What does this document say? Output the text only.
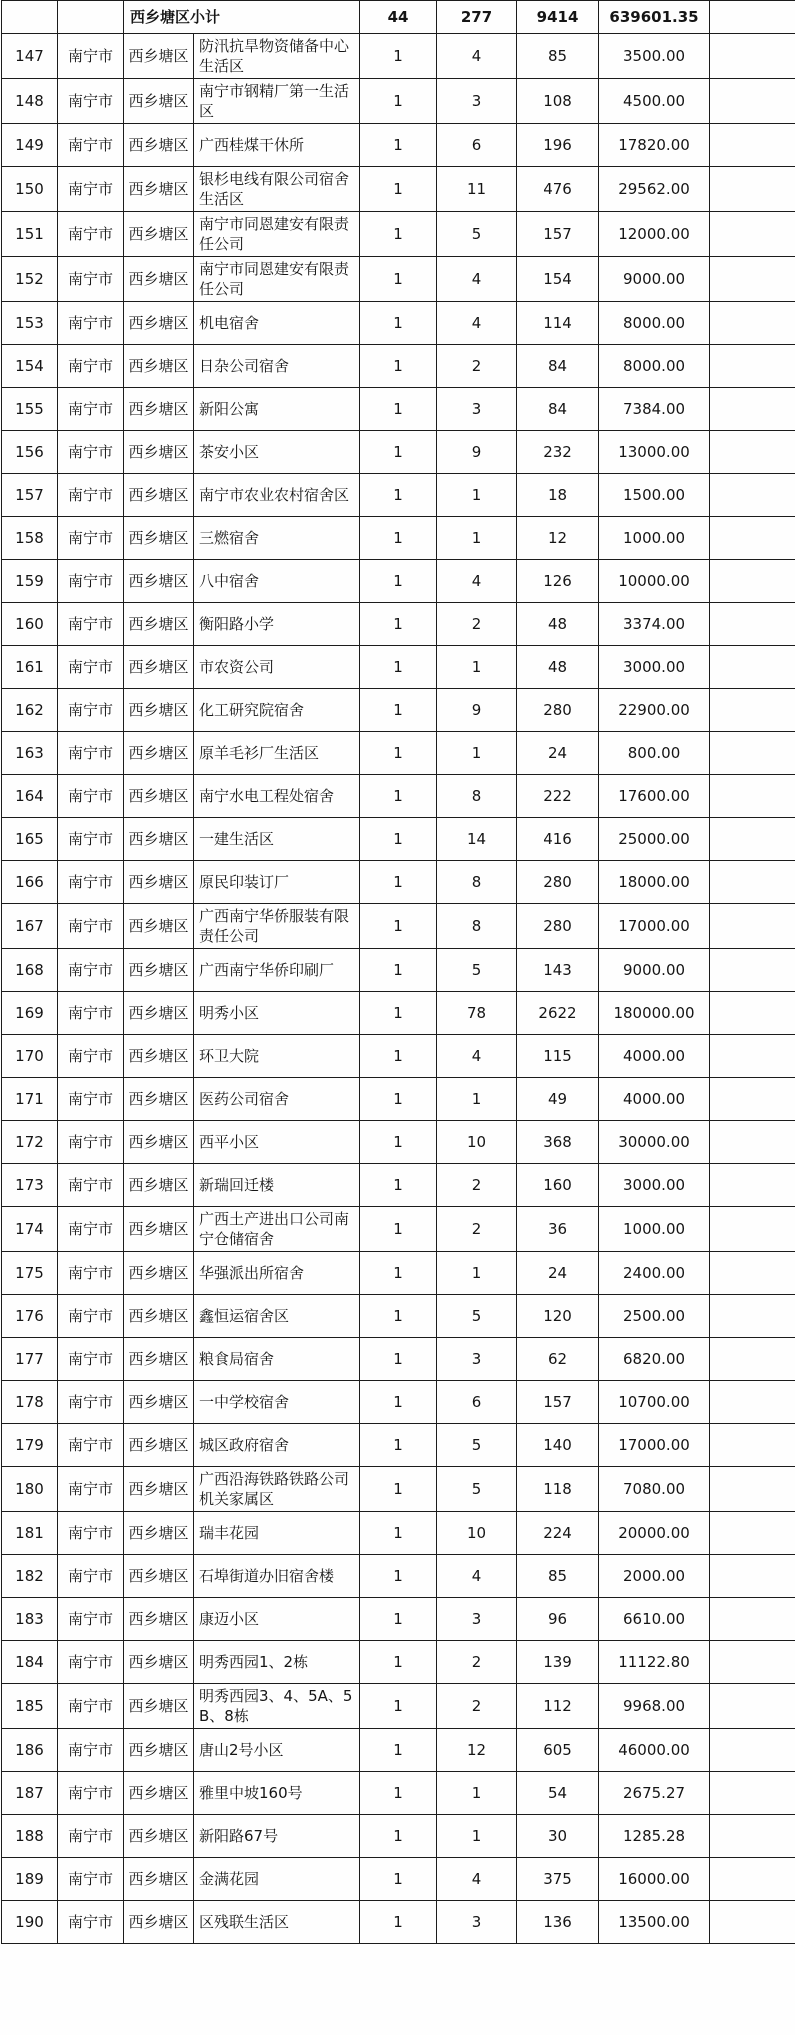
		西乡塘区小计		44	277	9414	639601.35	
147	南宁市	西乡塘区	防汛抗旱物资储备中心生活区	1	4	85	3500.00	
148	南宁市	西乡塘区	南宁市钢精厂第一生活区	1	3	108	4500.00	
149	南宁市	西乡塘区	广西桂煤干休所	1	6	196	17820.00	
150	南宁市	西乡塘区	银杉电线有限公司宿舍生活区	1	11	476	29562.00	
151	南宁市	西乡塘区	南宁市同恩建安有限责任公司	1	5	157	12000.00	
152	南宁市	西乡塘区	南宁市同恩建安有限责任公司	1	4	154	9000.00	
153	南宁市	西乡塘区	机电宿舍	1	4	114	8000.00	
154	南宁市	西乡塘区	日杂公司宿舍	1	2	84	8000.00	
155	南宁市	西乡塘区	新阳公寓	1	3	84	7384.00	
156	南宁市	西乡塘区	茶安小区	1	9	232	13000.00	
157	南宁市	西乡塘区	南宁市农业农村宿舍区	1	1	18	1500.00	
158	南宁市	西乡塘区	三燃宿舍	1	1	12	1000.00	
159	南宁市	西乡塘区	八中宿舍	1	4	126	10000.00	
160	南宁市	西乡塘区	衡阳路小学	1	2	48	3374.00	
161	南宁市	西乡塘区	市农资公司	1	1	48	3000.00	
162	南宁市	西乡塘区	化工研究院宿舍	1	9	280	22900.00	
163	南宁市	西乡塘区	原羊毛衫厂生活区	1	1	24	800.00	
164	南宁市	西乡塘区	南宁水电工程处宿舍	1	8	222	17600.00	
165	南宁市	西乡塘区	一建生活区	1	14	416	25000.00	
166	南宁市	西乡塘区	原民印装订厂	1	8	280	18000.00	
167	南宁市	西乡塘区	广西南宁华侨服装有限责任公司	1	8	280	17000.00	
168	南宁市	西乡塘区	广西南宁华侨印刷厂	1	5	143	9000.00	
169	南宁市	西乡塘区	明秀小区	1	78	2622	180000.00	
170	南宁市	西乡塘区	环卫大院	1	4	115	4000.00	
171	南宁市	西乡塘区	医药公司宿舍	1	1	49	4000.00	
172	南宁市	西乡塘区	西平小区	1	10	368	30000.00	
173	南宁市	西乡塘区	新瑞回迁楼	1	2	160	3000.00	
174	南宁市	西乡塘区	广西土产进出口公司南宁仓储宿舍	1	2	36	1000.00	
175	南宁市	西乡塘区	华强派出所宿舍	1	1	24	2400.00	
176	南宁市	西乡塘区	鑫恒运宿舍区	1	5	120	2500.00	
177	南宁市	西乡塘区	粮食局宿舍	1	3	62	6820.00	
178	南宁市	西乡塘区	一中学校宿舍	1	6	157	10700.00	
179	南宁市	西乡塘区	城区政府宿舍	1	5	140	17000.00	
180	南宁市	西乡塘区	广西沿海铁路铁路公司机关家属区	1	5	118	7080.00	
181	南宁市	西乡塘区	瑞丰花园	1	10	224	20000.00	
182	南宁市	西乡塘区	石埠街道办旧宿舍楼	1	4	85	2000.00	
183	南宁市	西乡塘区	康迈小区	1	3	96	6610.00	
184	南宁市	西乡塘区	明秀西园1、2栋	1	2	139	11122.80	
185	南宁市	西乡塘区	明秀西园3、4、5A、5B、8栋	1	2	112	9968.00	
186	南宁市	西乡塘区	唐山2号小区	1	12	605	46000.00	
187	南宁市	西乡塘区	雅里中坡160号	1	1	54	2675.27	
188	南宁市	西乡塘区	新阳路67号	1	1	30	1285.28	
189	南宁市	西乡塘区	金满花园	1	4	375	16000.00	
190	南宁市	西乡塘区	区残联生活区	1	3	136	13500.00	
